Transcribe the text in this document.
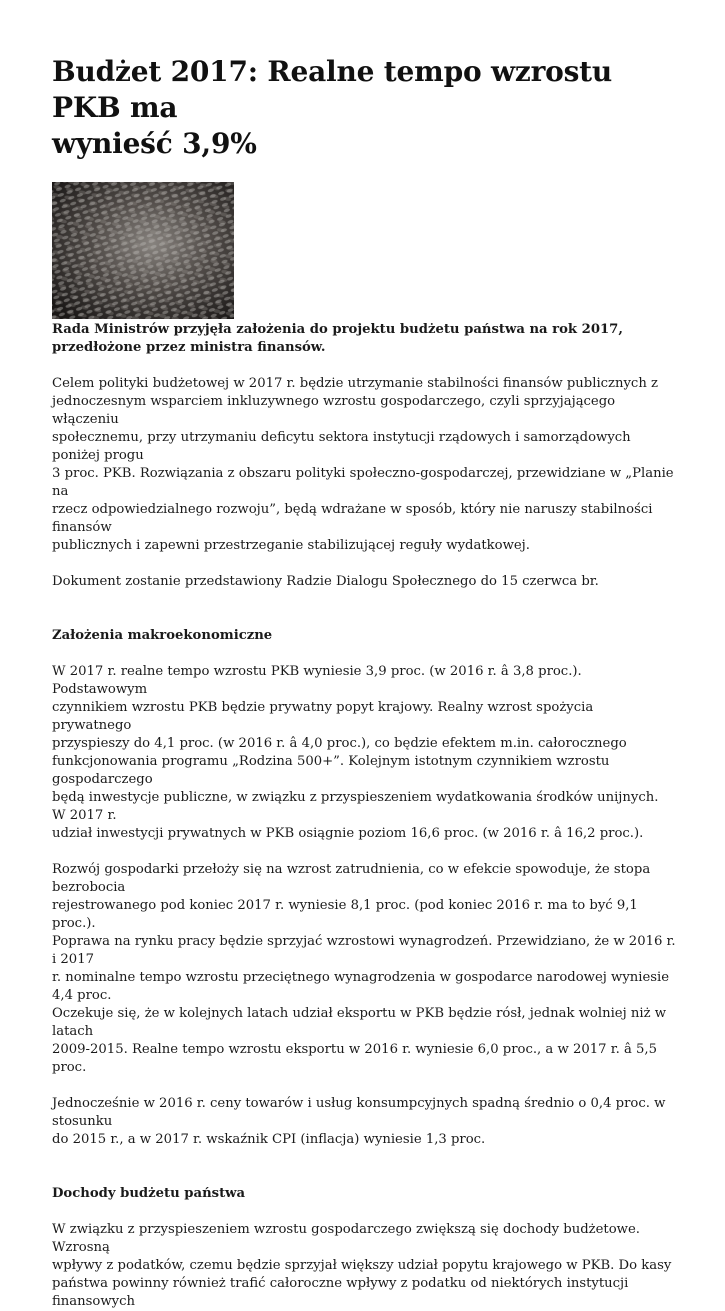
Budżet 2017: Realne tempo wzrostu PKB ma
wynieść 3,9%

Rada Ministrów przyjęła założenia do projektu budżetu państwa na rok 2017, przedłożone przez ministra finansów.

Celem polityki budżetowej w 2017 r. będzie utrzymanie stabilności finansów publicznych z
jednoczesnym wsparciem inkluzywnego wzrostu gospodarczego, czyli sprzyjającego włączeniu
społecznemu, przy utrzymaniu deficytu sektora instytucji rządowych i samorządowych poniżej progu
3 proc. PKB. Rozwiązania z obszaru polityki społeczno-gospodarczej, przewidziane w „Planie na
rzecz odpowiedzialnego rozwoju”, będą wdrażane w sposób, który nie naruszy stabilności finansów
publicznych i zapewni przestrzeganie stabilizującej reguły wydatkowej.

Dokument zostanie przedstawiony Radzie Dialogu Społecznego do 15 czerwca br.

Założenia makroekonomiczne

W 2017 r. realne tempo wzrostu PKB wyniesie 3,9 proc. (w 2016 r. â 3,8 proc.). Podstawowym
czynnikiem wzrostu PKB będzie prywatny popyt krajowy. Realny wzrost spożycia prywatnego
przyspieszy do 4,1 proc. (w 2016 r. â 4,0 proc.), co będzie efektem m.in. całorocznego
funkcjonowania programu „Rodzina 500+”. Kolejnym istotnym czynnikiem wzrostu gospodarczego
będą inwestycje publiczne, w związku z przyspieszeniem wydatkowania środków unijnych. W 2017 r.
udział inwestycji prywatnych w PKB osiągnie poziom 16,6 proc. (w 2016 r. â 16,2 proc.).

Rozwój gospodarki przełoży się na wzrost zatrudnienia, co w efekcie spowoduje, że stopa bezrobocia
rejestrowanego pod koniec 2017 r. wyniesie 8,1 proc. (pod koniec 2016 r. ma to być 9,1 proc.).
Poprawa na rynku pracy będzie sprzyjać wzrostowi wynagrodzeń. Przewidziano, że w 2016 r. i 2017
r. nominalne tempo wzrostu przeciętnego wynagrodzenia w gospodarce narodowej wyniesie 4,4 proc.
Oczekuje się, że w kolejnych latach udział eksportu w PKB będzie rósł, jednak wolniej niż w latach
2009-2015. Realne tempo wzrostu eksportu w 2016 r. wyniesie 6,0 proc., a w 2017 r. â 5,5 proc.

Jednocześnie w 2016 r. ceny towarów i usług konsumpcyjnych spadną średnio o 0,4 proc. w stosunku
do 2015 r., a w 2017 r. wskaźnik CPI (inflacja) wyniesie 1,3 proc.

Dochody budżetu państwa

W związku z przyspieszeniem wzrostu gospodarczego zwiększą się dochody budżetowe. Wzrosną
wpływy z podatków, czemu będzie sprzyjał większy udział popytu krajowego w PKB. Do kasy
państwa powinny również trafić całoroczne wpływy z podatku od niektórych instytucji finansowych
